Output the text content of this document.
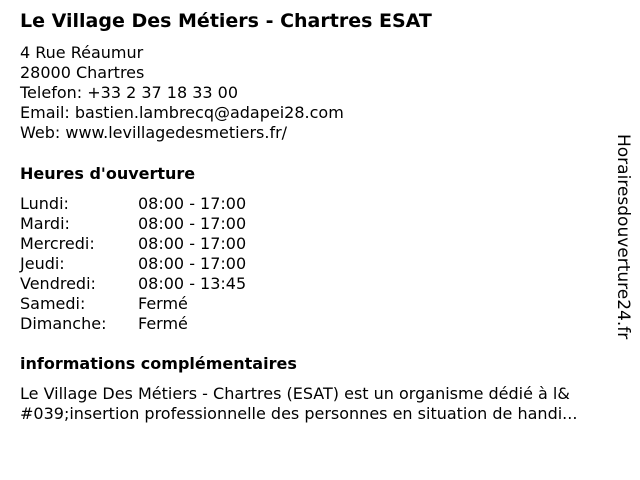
Le Village Des Métiers - Chartres ESAT
4 Rue Réaumur
28000 Chartres
Telefon: +33 2 37 18 33 00
Email: bastien.lambrecq@adapei28.com
Web: www.levillagedesmetiers.fr/
Heures d'ouverture
Lundi:	08:00 - 17:00
Mardi:	08:00 - 17:00
Mercredi:	08:00 - 17:00
Jeudi:	08:00 - 17:00
Vendredi:	08:00 - 13:45
Samedi:	Fermé
Dimanche:	Fermé
informations complémentaires
Le Village Des Métiers - Chartres (ESAT) est un organisme dédié à l&
#039;insertion professionnelle des personnes en situation de handi...
Horairesdouverture24.fr
